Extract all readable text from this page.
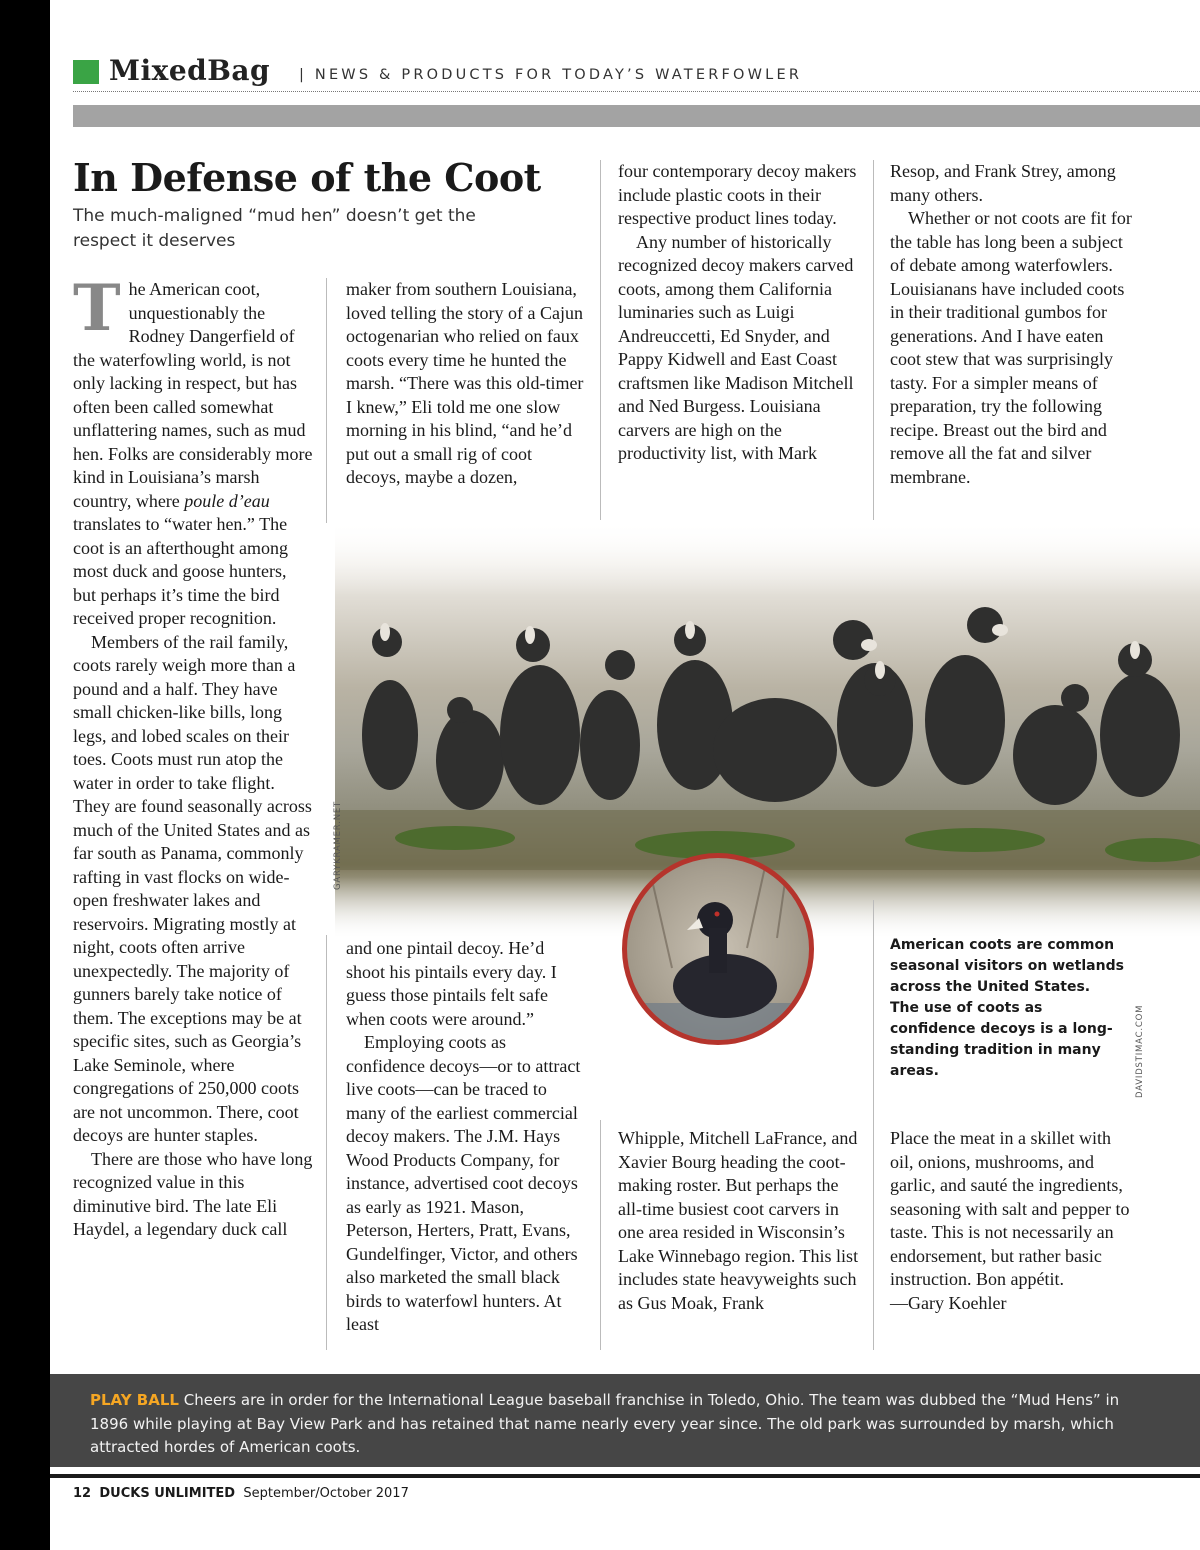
MixedBag | NEWS & PRODUCTS FOR TODAY’S WATERFOWLER
In Defense of the Coot
The much-maligned “mud hen” doesn’t get the respect it deserves

The American coot, unquestionably the Rodney Dangerfield of the waterfowling world, is not only lacking in respect, but has often been called somewhat unflattering names, such as mud hen. Folks are considerably more kind in Louisiana’s marsh country, where poule d’eau translates to “water hen.” The coot is an afterthought among most duck and goose hunters, but perhaps it’s time the bird received proper recognition.

Members of the rail family, coots rarely weigh more than a pound and a half. They have small chicken-like bills, long legs, and lobed scales on their toes. Coots must run atop the water in order to take flight. They are found seasonally across much of the United States and as far south as Panama, commonly rafting in vast flocks on wide-open freshwater lakes and reservoirs. Migrating mostly at night, coots often arrive unexpectedly. The majority of gunners barely take notice of them. The exceptions may be at specific sites, such as Georgia’s Lake Seminole, where congregations of 250,000 coots are not uncommon. There, coot decoys are hunter staples.

There are those who have long recognized value in this diminutive bird. The late Eli Haydel, a legendary duck call

GARYKRAMER.NET

maker from southern Louisiana, loved telling the story of a Cajun octogenarian who relied on faux coots every time he hunted the marsh. “There was this old-timer I knew,” Eli told me one slow morning in his blind, “and he’d put out a small rig of coot decoys, maybe a dozen,

and one pintail decoy. He’d shoot his pintails every day. I guess those pintails felt safe when coots were around.”

Employing coots as confidence decoys—or to attract live coots—can be traced to many of the earliest commercial decoy makers. The J.M. Hays Wood Products Company, for instance, advertised coot decoys as early as 1921. Mason, Peterson, Herters, Pratt, Evans, Gundelfinger, Victor, and others also marketed the small black birds to waterfowl hunters. At least

four contemporary decoy makers include plastic coots in their respective product lines today.

Any number of historically recognized decoy makers carved coots, among them California luminaries such as Luigi Andreuccetti, Ed Snyder, and Pappy Kidwell and East Coast craftsmen like Madison Mitchell and Ned Burgess. Louisiana carvers are high on the productivity list, with Mark

Whipple, Mitchell LaFrance, and Xavier Bourg heading the coot-making roster. But perhaps the all-time busiest coot carvers in one area resided in Wisconsin’s Lake Winnebago region. This list includes state heavyweights such as Gus Moak, Frank

Resop, and Frank Strey, among many others.

Whether or not coots are fit for the table has long been a subject of debate among waterfowlers. Louisianans have included coots in their traditional gumbos for generations. And I have eaten coot stew that was surprisingly tasty. For a simpler means of preparation, try the following recipe. Breast out the bird and remove all the fat and silver membrane.

Place the meat in a skillet with oil, onions, mushrooms, and garlic, and sauté the ingredients, seasoning with salt and pepper to taste. This is not necessarily an endorsement, but rather basic instruction. Bon appétit.

—Gary Koehler

American coots are common seasonal visitors on wetlands across the United States.
The use of coots as confidence decoys is a long-standing tradition in many areas.	DAVIDSTIMAC.COM
PLAY BALL Cheers are in order for the International League baseball franchise in Toledo, Ohio. The team was dubbed the “Mud Hens” in 1896 while playing at Bay View Park and has retained that name nearly every year since. The old park was surrounded by marsh, which attracted hordes of American coots.
12 DUCKS UNLIMITED September/October 2017
